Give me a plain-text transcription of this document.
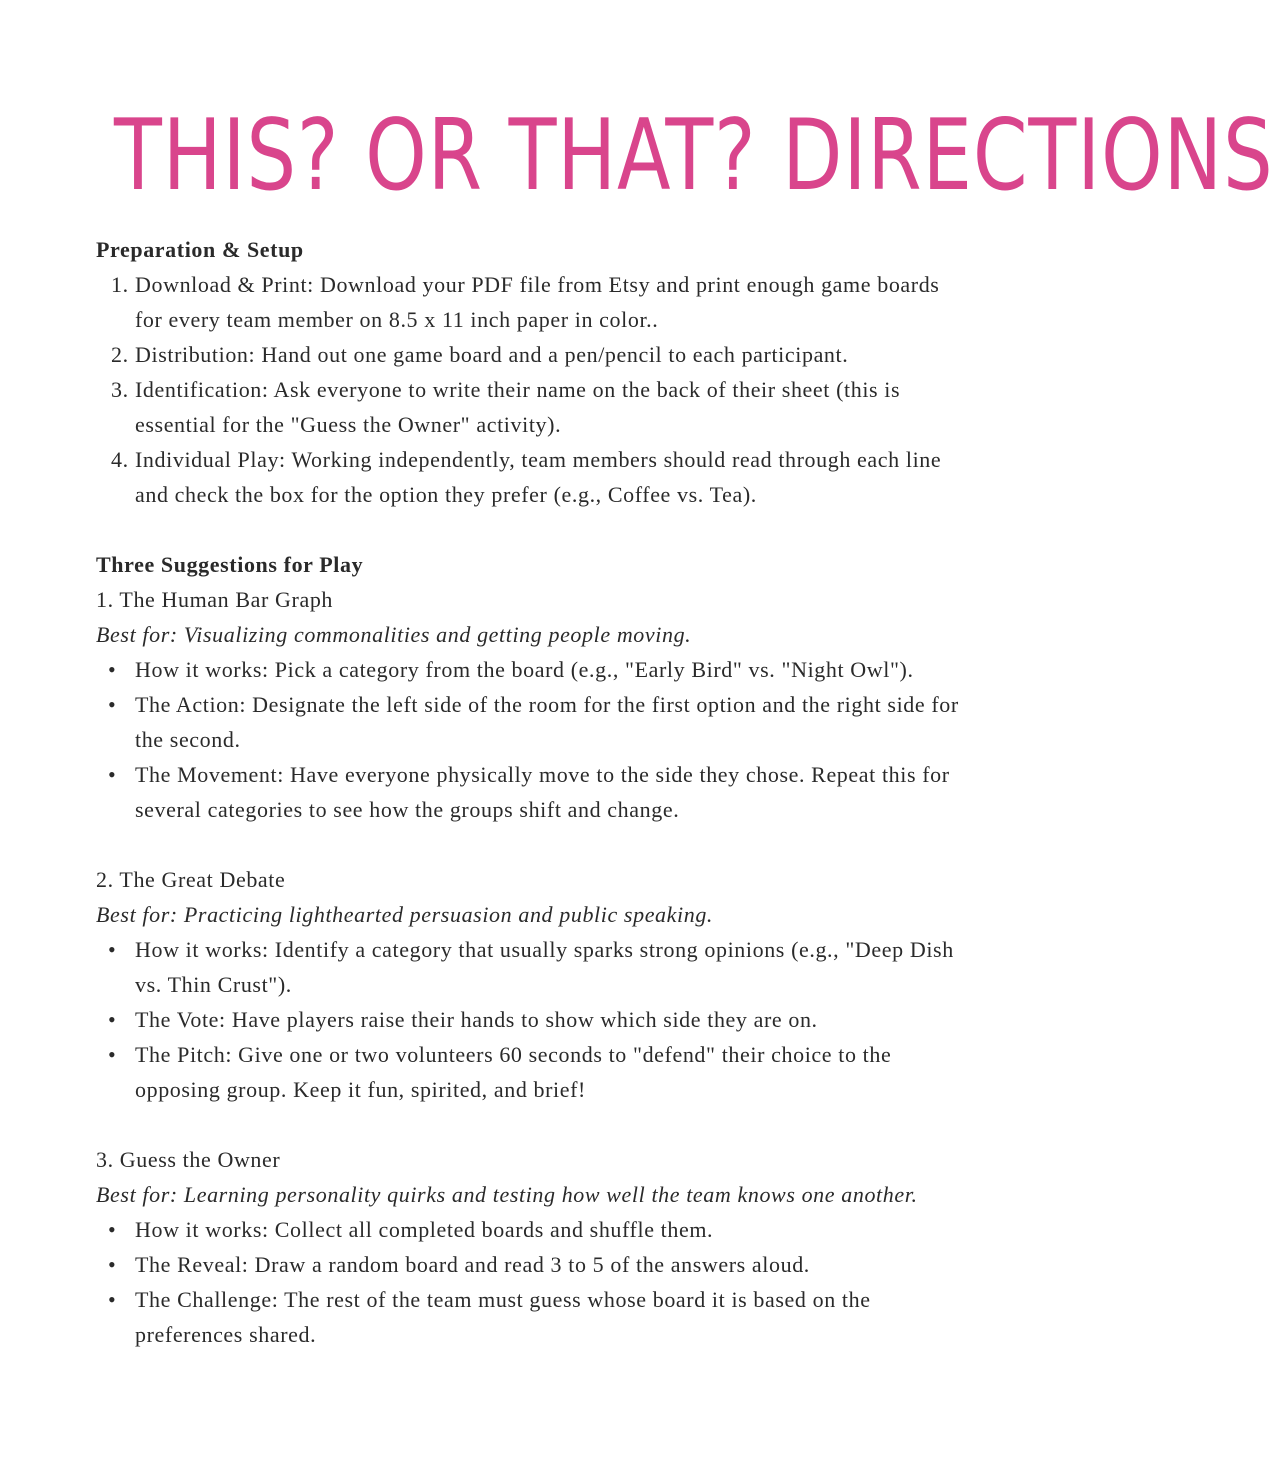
THIS? OR THAT? DIRECTIONS
Preparation & Setup
1. Download & Print: Download your PDF file from Etsy and print enough game boards
for every team member on 8.5 x 11 inch paper in color..
2. Distribution: Hand out one game board and a pen/pencil to each participant.
3. Identification: Ask everyone to write their name on the back of their sheet (this is
essential for the "Guess the Owner" activity).
4. Individual Play: Working independently, team members should read through each line
and check the box for the option they prefer (e.g., Coffee vs. Tea).
Three Suggestions for Play
1. The Human Bar Graph
Best for: Visualizing commonalities and getting people moving.
• How it works: Pick a category from the board (e.g., "Early Bird" vs. "Night Owl").
• The Action: Designate the left side of the room for the first option and the right side for
the second.
• The Movement: Have everyone physically move to the side they chose. Repeat this for
several categories to see how the groups shift and change.
2. The Great Debate
Best for: Practicing lighthearted persuasion and public speaking.
• How it works: Identify a category that usually sparks strong opinions (e.g., "Deep Dish
vs. Thin Crust").
• The Vote: Have players raise their hands to show which side they are on.
• The Pitch: Give one or two volunteers 60 seconds to "defend" their choice to the
opposing group. Keep it fun, spirited, and brief!
3. Guess the Owner
Best for: Learning personality quirks and testing how well the team knows one another.
• How it works: Collect all completed boards and shuffle them.
• The Reveal: Draw a random board and read 3 to 5 of the answers aloud.
• The Challenge: The rest of the team must guess whose board it is based on the
preferences shared.
